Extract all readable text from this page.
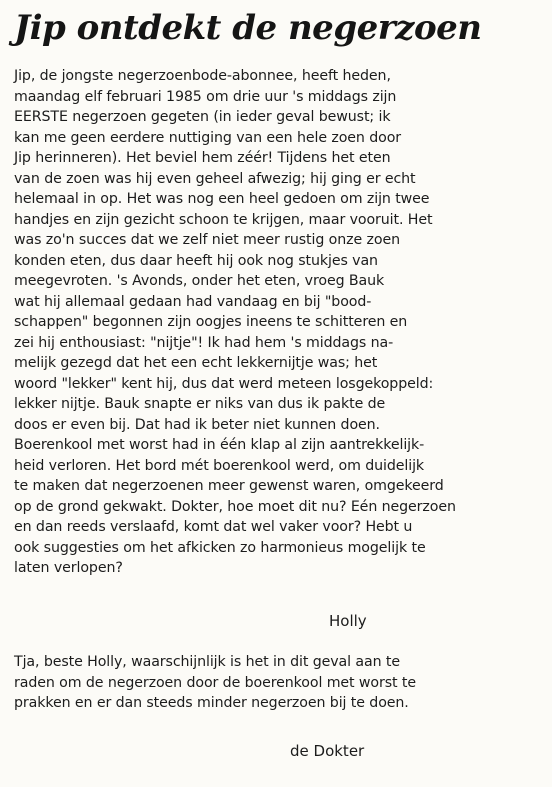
Jip ontdekt de negerzoen
Jip, de jongste negerzoenbode-abonnee, heeft heden,
maandag elf februari 1985 om drie uur 's middags zijn
EERSTE negerzoen gegeten (in ieder geval bewust; ik
kan me geen eerdere nuttiging van een hele zoen door
Jip herinneren). Het beviel hem zéér! Tijdens het eten
van de zoen was hij even geheel afwezig; hij ging er echt
helemaal in op. Het was nog een heel gedoen om zijn twee
handjes en zijn gezicht schoon te krijgen, maar vooruit. Het
was zo'n succes dat we zelf niet meer rustig onze zoen
konden eten, dus daar heeft hij ook nog stukjes van
meegevroten. 's Avonds, onder het eten, vroeg Bauk
wat hij allemaal gedaan had vandaag en bij "bood-
schappen" begonnen zijn oogjes ineens te schitteren en
zei hij enthousiast: "nijtje"! Ik had hem 's middags na-
melijk gezegd dat het een echt lekkernijtje was; het
woord "lekker" kent hij, dus dat werd meteen losgekoppeld:
lekker nijtje. Bauk snapte er niks van dus ik pakte de
doos er even bij. Dat had ik beter niet kunnen doen.
Boerenkool met worst had in één klap al zijn aantrekkelijk-
heid verloren. Het bord mét boerenkool werd, om duidelijk
te maken dat negerzoenen meer gewenst waren, omgekeerd
op de grond gekwakt. Dokter, hoe moet dit nu? Eén negerzoen
en dan reeds verslaafd, komt dat wel vaker voor? Hebt u
ook suggesties om het afkicken zo harmonieus mogelijk te
laten verlopen?
Holly
Tja, beste Holly, waarschijnlijk is het in dit geval aan te
raden om de negerzoen door de boerenkool met worst te
prakken en er dan steeds minder negerzoen bij te doen.
de Dokter
